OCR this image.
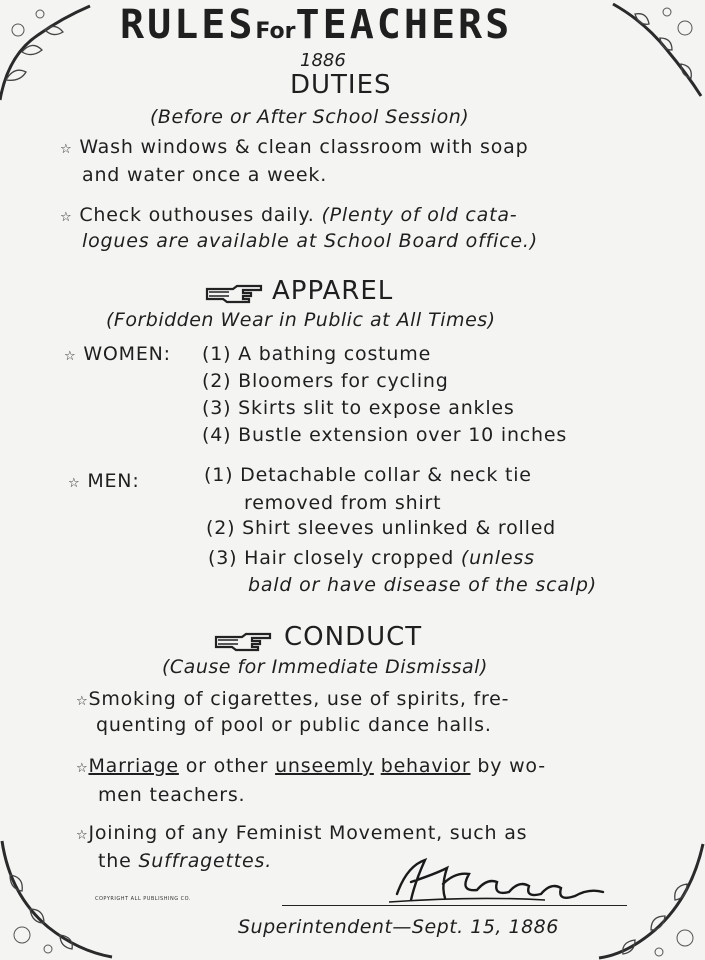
RULESForTEACHERS
1886
DUTIES
(Before or After School Session)
☆ Wash windows & clean classroom with soap
and water once a week.
☆ Check outhouses daily. (Plenty of old cata-
logues are available at School Board office.)
APPAREL
(Forbidden Wear in Public at All Times)
☆ WOMEN: (1) A bathing costume
(2) Bloomers for cycling
(3) Skirts slit to expose ankles
(4) Bustle extension over 10 inches
☆ MEN:	(1) Detachable collar & neck tie
removed from shirt
(2) Shirt sleeves unlinked & rolled
(3) Hair closely cropped (unless
bald or have disease of the scalp)
CONDUCT
(Cause for Immediate Dismissal)
☆Smoking of cigarettes, use of spirits, fre-
quenting of pool or public dance halls.
☆Marriage or other unseemly behavior by wo-
men teachers.
☆Joining of any Feminist Movement, such as
the Suffragettes.
COPYRIGHT ALL PUBLISHING CO.
Superintendent—Sept. 15, 1886
